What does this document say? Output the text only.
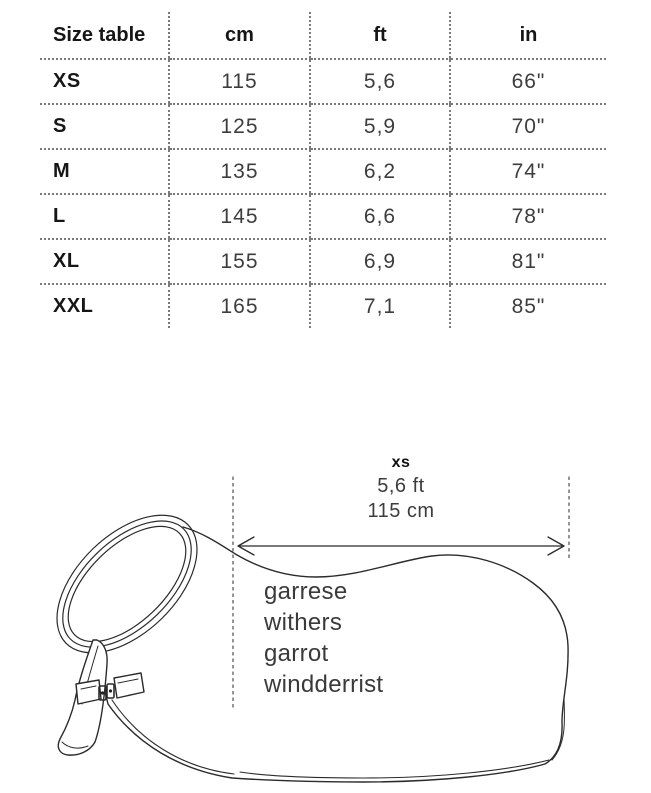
Size table	cm	ft	in
XS	115	5,6	66"
S	125	5,9	70"
M	135	6,2	74"
L	145	6,6	78"
XL	155	6,9	81"
XXL	165	7,1	85"
xs
5,6 ft
115 cm
garrese
withers
garrot
windderrist
